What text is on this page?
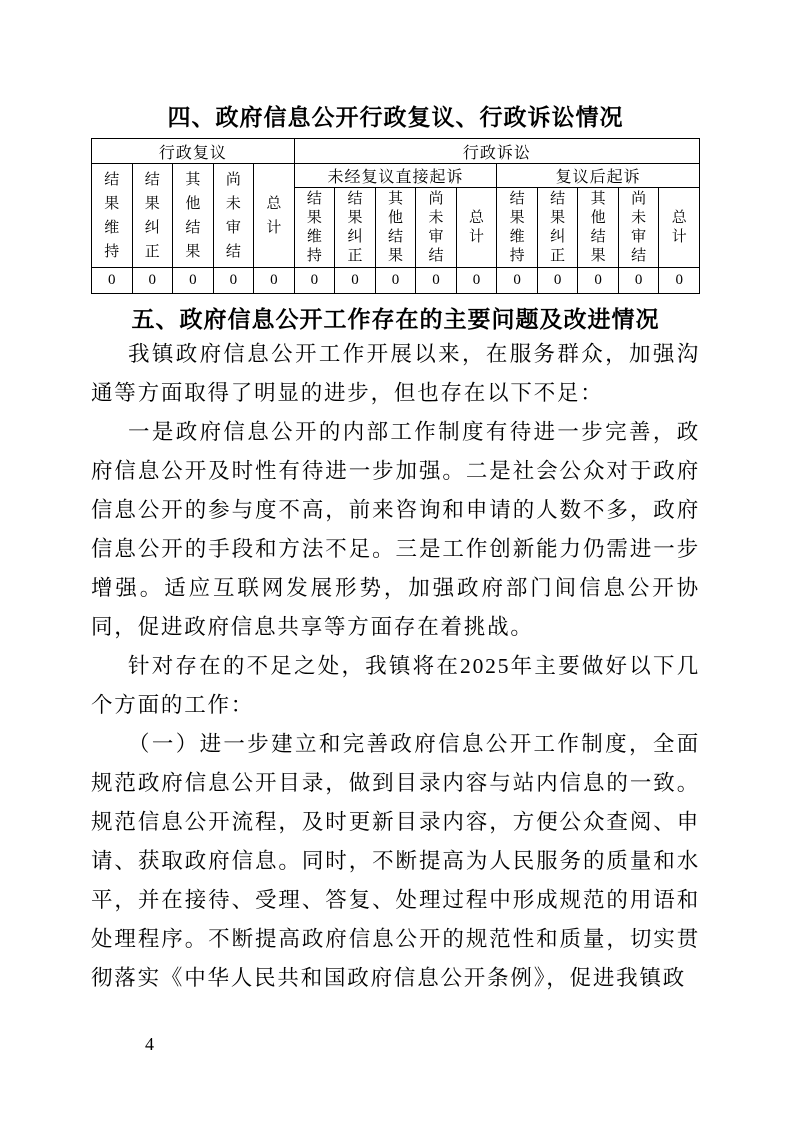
四、政府信息公开行政复议、行政诉讼情况
行政复议					行政诉讼									

结果维持	结果纠正	其他结果	尚未审结	总计	未经复议直接起诉					复议后起诉				

					结果维持	结果纠正	其他结果	尚未审结	总计	结果维持	结果纠正	其他结果	尚未审结	总计

0	0	0	0	0	0	0	0	0	0	0	0	0	0	0
五、政府信息公开工作存在的主要问题及改进情况

我镇政府信息公开工作开展以来，在服务群众，加强沟通等方面取得了明显的进步，但也存在以下不足：

一是政府信息公开的内部工作制度有待进一步完善，政府信息公开及时性有待进一步加强。二是社会公众对于政府信息公开的参与度不高，前来咨询和申请的人数不多，政府信息公开的手段和方法不足。三是工作创新能力仍需进一步增强。适应互联网发展形势，加强政府部门间信息公开协同，促进政府信息共享等方面存在着挑战。

针对存在的不足之处，我镇将在2025年主要做好以下几个方面的工作：

（一）进一步建立和完善政府信息公开工作制度，全面规范政府信息公开目录，做到目录内容与站内信息的一致。规范信息公开流程，及时更新目录内容，方便公众查阅、申请、获取政府信息。同时，不断提高为人民服务的质量和水平，并在接待、受理、答复、处理过程中形成规范的用语和处理程序。不断提高政府信息公开的规范性和质量，切实贯彻落实《中华人民共和国政府信息公开条例》，促进我镇政

4
